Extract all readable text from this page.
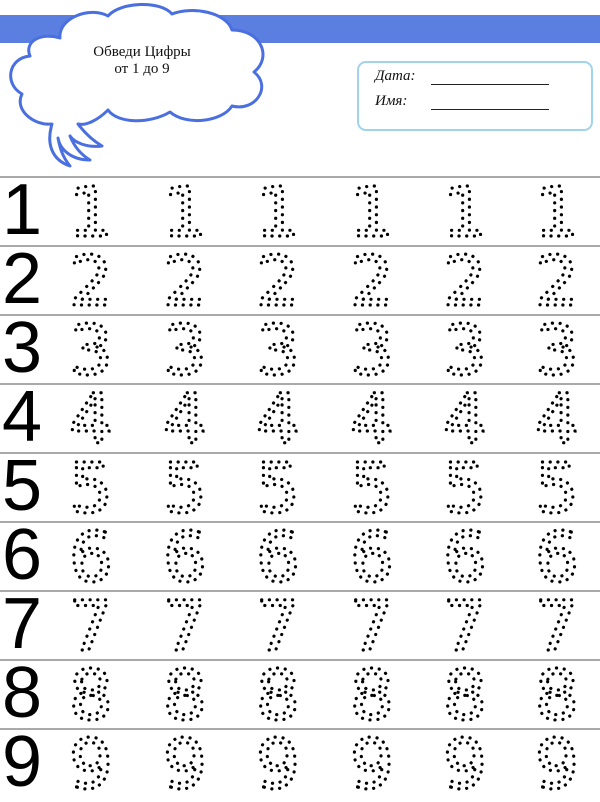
Обведи Цифры
от 1 до 9	Дата:
Имя:
1 1 1 1 1 1 1
2 2 2 2 2 2 2
3 3 3 3 3 3 3
4 4 4 4 4 4 4
5 5 5 5 5 5 5
6 6 6 6 6 6 6
7 7 7 7 7 7 7
8 8 8 8 8 8 8
9 9 9 9 9 9 9
